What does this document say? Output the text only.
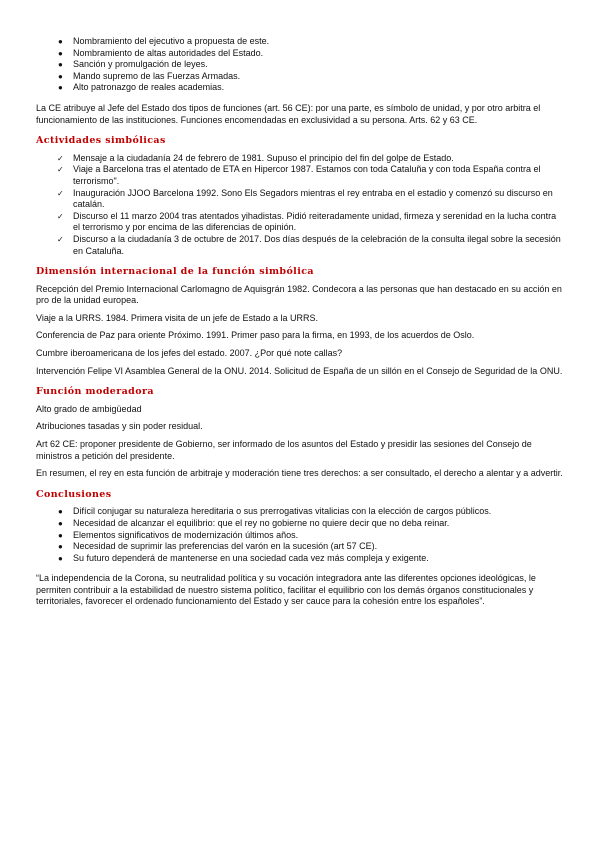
● Nombramiento del ejecutivo a propuesta de este.
● Nombramiento de altas autoridades del Estado.
● Sanción y promulgación de leyes.
● Mando supremo de las Fuerzas Armadas.
● Alto patronazgo de reales academias.

La CE atribuye al Jefe del Estado dos tipos de funciones (art. 56 CE): por una parte, es símbolo de unidad, y por otro arbitra el funcionamiento de las instituciones. Funciones encomendadas en exclusividad a su persona. Arts. 62 y 63 CE.

Actividades simbólicas
✓ Mensaje a la ciudadanía 24 de febrero de 1981. Supuso el principio del fin del golpe de Estado.
✓ Viaje a Barcelona tras el atentado de ETA en Hipercor 1987. Estamos con toda Cataluña y con toda España contra el terrorismo".
✓ Inauguración JJOO Barcelona 1992. Sono Els Segadors mientras el rey entraba en el estadio y comenzó su discurso en catalán.
✓ Discurso el 11 marzo 2004 tras atentados yihadistas. Pidió reiteradamente unidad, firmeza y serenidad en la lucha contra el terrorismo y por encima de las diferencias de opinión.
✓ Discurso a la ciudadanía 3 de octubre de 2017. Dos días después de la celebración de la consulta ilegal sobre la secesión en Cataluña.
Dimensión internacional de la función simbólica

Recepción del Premio Internacional Carlomagno de Aquisgrán 1982. Condecora a las personas que han destacado en su acción en pro de la unidad europea.

Viaje a la URRS. 1984. Primera visita de un jefe de Estado a la URRS.

Conferencia de Paz para oriente Próximo. 1991. Primer paso para la firma, en 1993, de los acuerdos de Oslo.

Cumbre iberoamericana de los jefes del estado. 2007. ¿Por qué note callas?

Intervención Felipe VI Asamblea General de la ONU. 2014. Solicitud de España de un sillón en el Consejo de Seguridad de la ONU.

Función moderadora

Alto grado de ambigüedad

Atribuciones tasadas y sin poder residual.

Art 62 CE: proponer presidente de Gobierno, ser informado de los asuntos del Estado y presidir las sesiones del Consejo de ministros a petición del presidente.

En resumen, el rey en esta función de arbitraje y moderación tiene tres derechos: a ser consultado, el derecho a alentar y a advertir.

Conclusiones
● Difícil conjugar su naturaleza hereditaria o sus prerrogativas vitalicias con la elección de cargos públicos.
● Necesidad de alcanzar el equilibrio: que el rey no gobierne no quiere decir que no deba reinar.
● Elementos significativos de modernización últimos años.
● Necesidad de suprimir las preferencias del varón en la sucesión (art 57 CE).
● Su futuro dependerá de mantenerse en una sociedad cada vez más compleja y exigente.

“La independencia de la Corona, su neutralidad política y su vocación integradora ante las diferentes opciones ideológicas, le permiten contribuir a la estabilidad de nuestro sistema político, facilitar el equilibrio con los demás órganos constitucionales y territoriales, favorecer el ordenado funcionamiento del Estado y ser cauce para la cohesión entre los españoles”.
